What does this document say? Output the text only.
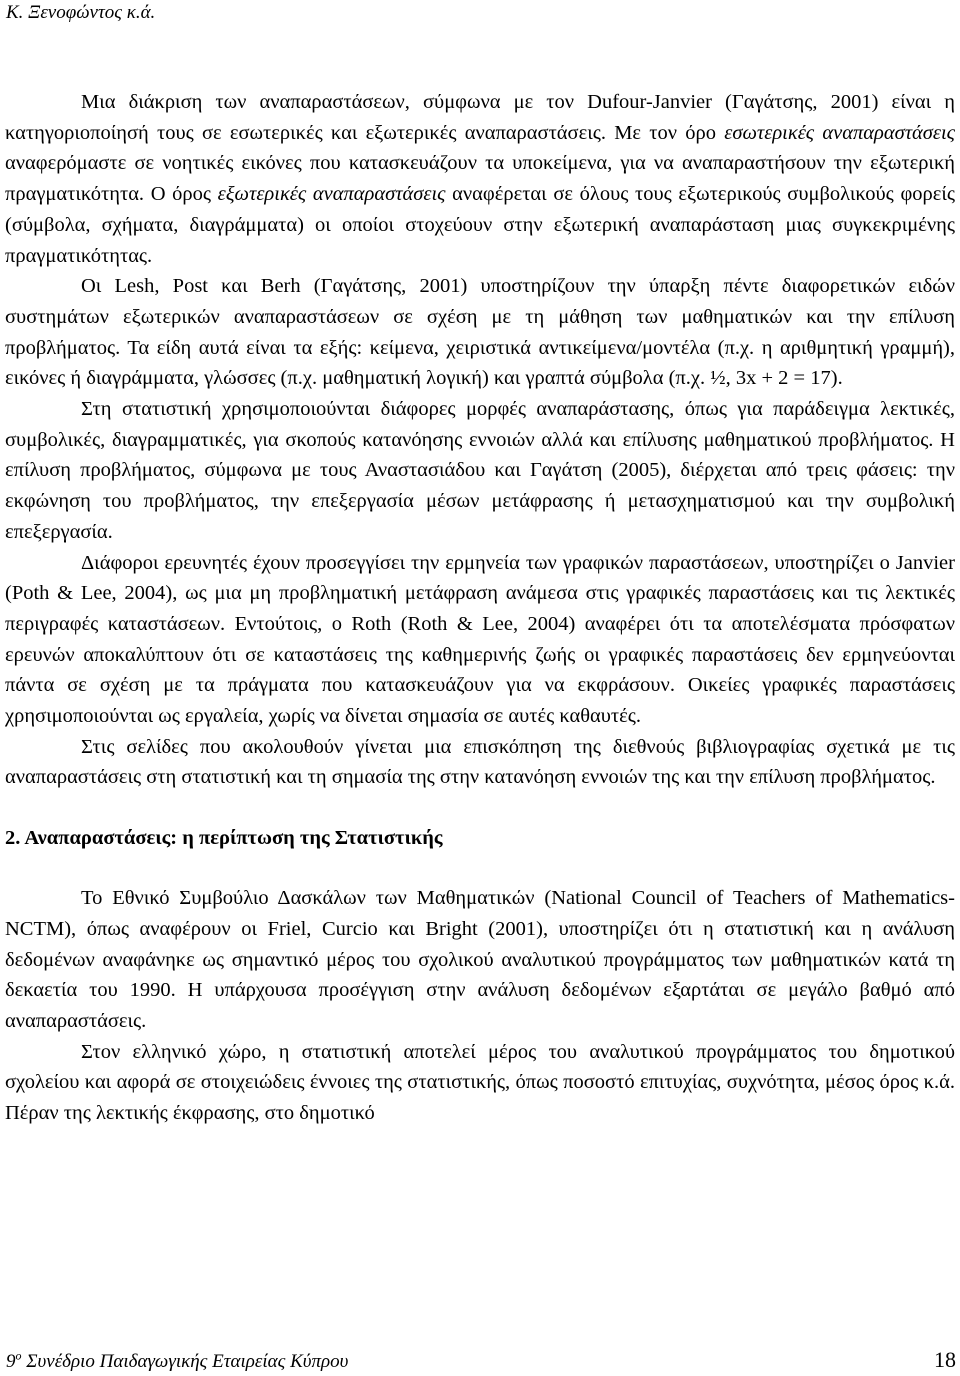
Κ. Ξενοφώντος κ.ά.

Μια διάκριση των αναπαραστάσεων, σύμφωνα με τον Dufour-Janvier (Γαγάτσης, 2001) είναι η κατηγοριοποίησή τους σε εσωτερικές και εξωτερικές αναπαραστάσεις. Με τον όρο εσωτερικές αναπαραστάσεις αναφερόμαστε σε νοητικές εικόνες που κατασκευάζουν τα υποκείμενα, για να αναπαραστήσουν την εξωτερική πραγματικότητα. Ο όρος εξωτερικές αναπαραστάσεις αναφέρεται σε όλους τους εξωτερικούς συμβολικούς φορείς (σύμβολα, σχήματα, διαγράμματα) οι οποίοι στοχεύουν στην εξωτερική αναπαράσταση μιας συγκεκριμένης πραγματικότητας.

Οι Lesh, Post και Berh (Γαγάτσης, 2001) υποστηρίζουν την ύπαρξη πέντε διαφορετικών ειδών συστημάτων εξωτερικών αναπαραστάσεων σε σχέση με τη μάθηση των μαθηματικών και την επίλυση προβλήματος. Τα είδη αυτά είναι τα εξής: κείμενα, χειριστικά αντικείμενα/μοντέλα (π.χ. η αριθμητική γραμμή), εικόνες ή διαγράμματα, γλώσσες (π.χ. μαθηματική λογική) και γραπτά σύμβολα (π.χ. ½, 3x + 2 = 17).

Στη στατιστική χρησιμοποιούνται διάφορες μορφές αναπαράστασης, όπως για παράδειγμα λεκτικές, συμβολικές, διαγραμματικές, για σκοπούς κατανόησης εννοιών αλλά και επίλυσης μαθηματικού προβλήματος. Η επίλυση προβλήματος, σύμφωνα με τους Αναστασιάδου και Γαγάτση (2005), διέρχεται από τρεις φάσεις: την εκφώνηση του προβλήματος, την επεξεργασία μέσων μετάφρασης ή μετασχηματισμού και την συμβολική επεξεργασία.

Διάφοροι ερευνητές έχουν προσεγγίσει την ερμηνεία των γραφικών παραστάσεων, υποστηρίζει ο Janvier (Poth & Lee, 2004), ως μια μη προβληματική μετάφραση ανάμεσα στις γραφικές παραστάσεις και τις λεκτικές περιγραφές καταστάσεων. Εντούτοις, ο Roth (Roth & Lee, 2004) αναφέρει ότι τα αποτελέσματα πρόσφατων ερευνών αποκαλύπτουν ότι σε καταστάσεις της καθημερινής ζωής οι γραφικές παραστάσεις δεν ερμηνεύονται πάντα σε σχέση με τα πράγματα που κατασκευάζουν για να εκφράσουν. Οικείες γραφικές παραστάσεις χρησιμοποιούνται ως εργαλεία, χωρίς να δίνεται σημασία σε αυτές καθαυτές.

Στις σελίδες που ακολουθούν γίνεται μια επισκόπηση της διεθνούς βιβλιογραφίας σχετικά με τις αναπαραστάσεις στη στατιστική και τη σημασία της στην κατανόηση εννοιών της και την επίλυση προβλήματος.

2. Αναπαραστάσεις: η περίπτωση της Στατιστικής

Το Εθνικό Συμβούλιο Δασκάλων των Μαθηματικών (National Council of Teachers of Mathematics-NCTM), όπως αναφέρουν οι Friel, Curcio και Bright (2001), υποστηρίζει ότι η στατιστική και η ανάλυση δεδομένων αναφάνηκε ως σημαντικό μέρος του σχολικού αναλυτικού προγράμματος των μαθηματικών κατά τη δεκαετία του 1990. Η υπάρχουσα προσέγγιση στην ανάλυση δεδομένων εξαρτάται σε μεγάλο βαθμό από αναπαραστάσεις.

Στον ελληνικό χώρο, η στατιστική αποτελεί μέρος του αναλυτικού προγράμματος του δημοτικού σχολείου και αφορά σε στοιχειώδεις έννοιες της στατιστικής, όπως ποσοστό επιτυχίας, συχνότητα, μέσος όρος κ.ά. Πέραν της λεκτικής έκφρασης, στο δημοτικό

$9^o$ Συνέδριο Παιδαγωγικής Εταιρείας Κύπρου	18
